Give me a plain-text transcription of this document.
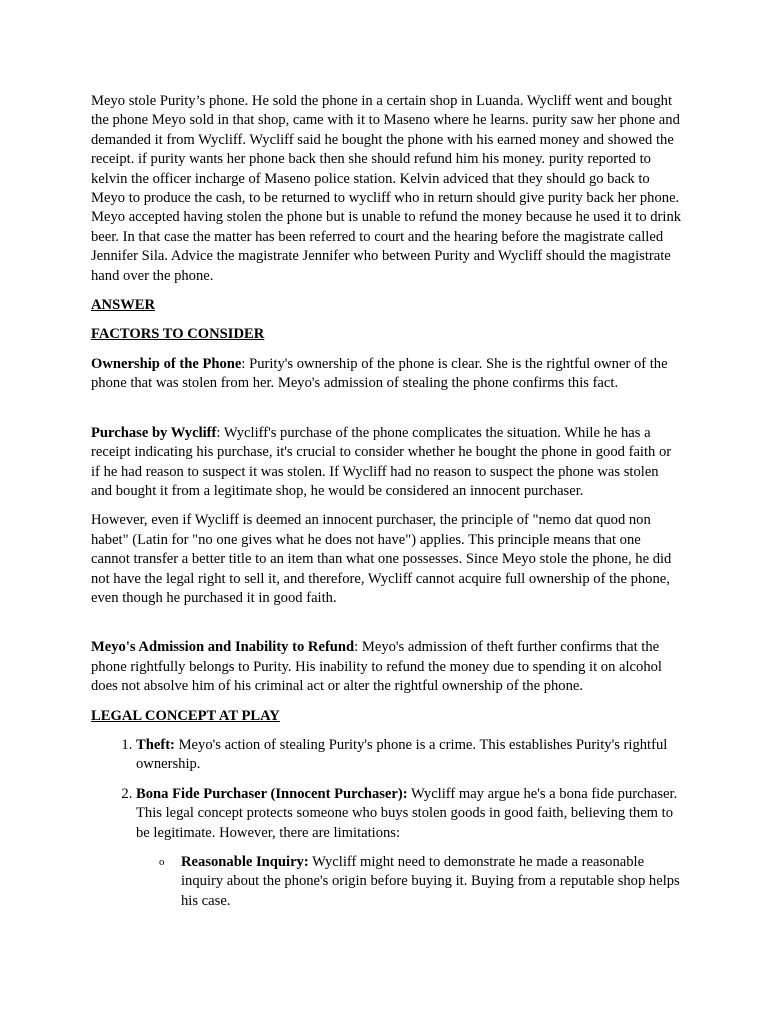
Meyo stole Purity’s phone. He sold the phone in a certain shop in Luanda. Wycliff went and bought the phone Meyo sold in that shop, came with it to Maseno where he learns. purity saw her phone and demanded it from Wycliff. Wycliff said he bought the phone with his earned money and showed the receipt. if purity wants her phone back then she should refund him his money. purity reported to kelvin the officer incharge of Maseno police station. Kelvin adviced that they should go back to Meyo to produce the cash, to be returned to wycliff who in return should give purity back her phone. Meyo accepted having stolen the phone but is unable to refund the money because he used it to drink beer. In that case the matter has been referred to court and the hearing before the magistrate called Jennifer Sila. Advice the magistrate Jennifer who between Purity and Wycliff should the magistrate hand over the phone.

ANSWER

FACTORS TO CONSIDER

Ownership of the Phone: Purity's ownership of the phone is clear. She is the rightful owner of the phone that was stolen from her. Meyo's admission of stealing the phone confirms this fact.

Purchase by Wycliff: Wycliff's purchase of the phone complicates the situation. While he has a receipt indicating his purchase, it's crucial to consider whether he bought the phone in good faith or if he had reason to suspect it was stolen. If Wycliff had no reason to suspect the phone was stolen and bought it from a legitimate shop, he would be considered an innocent purchaser.

However, even if Wycliff is deemed an innocent purchaser, the principle of "nemo dat quod non habet" (Latin for "no one gives what he does not have") applies. This principle means that one cannot transfer a better title to an item than what one possesses. Since Meyo stole the phone, he did not have the legal right to sell it, and therefore, Wycliff cannot acquire full ownership of the phone, even though he purchased it in good faith.

Meyo's Admission and Inability to Refund: Meyo's admission of theft further confirms that the phone rightfully belongs to Purity. His inability to refund the money due to spending it on alcohol does not absolve him of his criminal act or alter the rightful ownership of the phone.

LEGAL CONCEPT AT PLAY

1. Theft: Meyo's action of stealing Purity's phone is a crime. This establishes Purity's rightful ownership.
2. Bona Fide Purchaser (Innocent Purchaser): Wycliff may argue he's a bona fide purchaser. This legal concept protects someone who buys stolen goods in good faith, believing them to be legitimate. However, there are limitations:
o Reasonable Inquiry: Wycliff might need to demonstrate he made a reasonable inquiry about the phone's origin before buying it. Buying from a reputable shop helps his case.
